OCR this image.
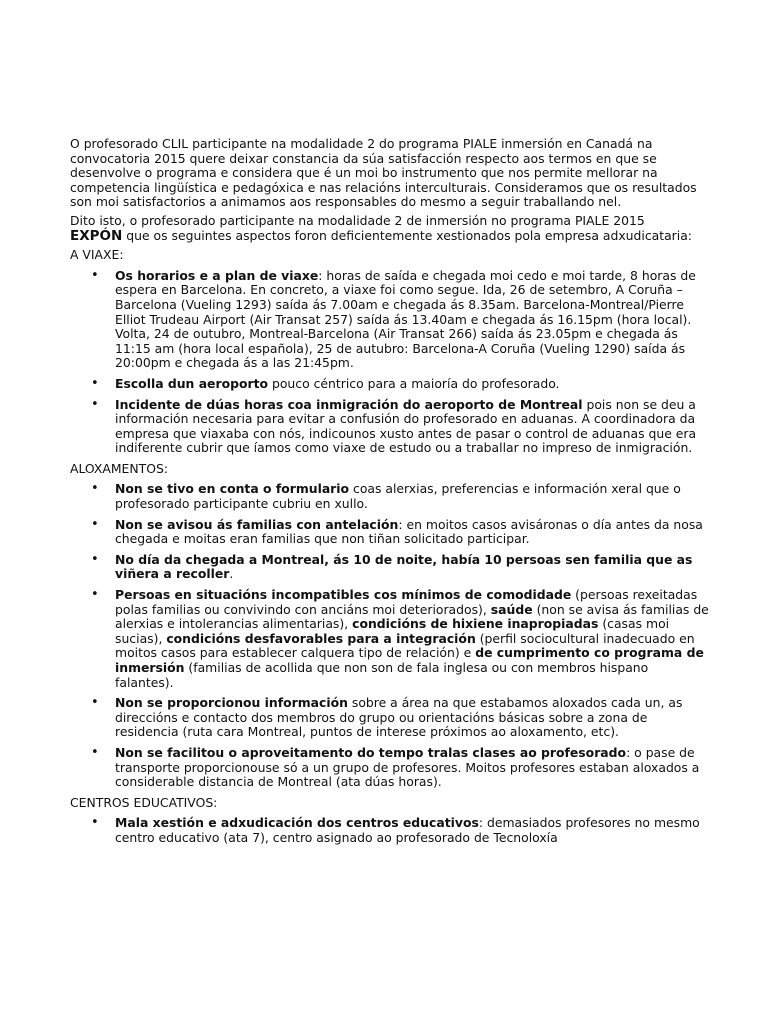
O profesorado CLIL participante na modalidade 2 do programa PIALE inmersión en Canadá na convocatoria 2015 quere deixar constancia da súa satisfacción respecto aos termos en que se desenvolve o programa e considera que é un moi bo instrumento que nos permite mellorar na competencia lingüística e pedagóxica e nas relacións interculturais. Consideramos que os resultados son moi satisfactorios a animamos aos responsables do mesmo a seguir traballando nel.

Dito isto, o profesorado participante na modalidade 2 de inmersión no programa PIALE 2015
EXPÓN que os seguintes aspectos foron deficientemente xestionados pola empresa adxudicataria:

A VIAXE:

• Os horarios e a plan de viaxe: horas de saída e chegada moi cedo e moi tarde, 8 horas de espera en Barcelona. En concreto, a viaxe foi como segue. Ida, 26 de setembro, A Coruña –Barcelona (Vueling 1293) saída ás 7.00am e chegada ás 8.35am. Barcelona-Montreal/Pierre Elliot Trudeau Airport (Air Transat 257) saída ás 13.40am e chegada ás 16.15pm (hora local). Volta, 24 de outubro, Montreal-Barcelona (Air Transat 266) saída ás 23.05pm e chegada ás 11:15 am (hora local española), 25 de autubro: Barcelona-A Coruña (Vueling 1290) saída ás 20:00pm e chegada ás a las 21:45pm.
• Escolla dun aeroporto pouco céntrico para a maioría do profesorado.
• Incidente de dúas horas coa inmigración do aeroporto de Montreal pois non se deu a información necesaria para evitar a confusión do profesorado en aduanas. A coordinadora da empresa que viaxaba con nós, indicounos xusto antes de pasar o control de aduanas que era indiferente cubrir que íamos como viaxe de estudo ou a traballar no impreso de inmigración.

ALOXAMENTOS:

• Non se tivo en conta o formulario coas alerxias, preferencias e información xeral que o profesorado participante cubriu en xullo.
• Non se avisou ás familias con antelación: en moitos casos avisáronas o día antes da nosa chegada e moitas eran familias que non tiñan solicitado participar.
• No día da chegada a Montreal, ás 10 de noite, había 10 persoas sen familia que as viñera a recoller.
• Persoas en situacións incompatibles cos mínimos de comodidade (persoas rexeitadas polas familias ou convivindo con anciáns moi deteriorados), saúde (non se avisa ás familias de alerxias e intolerancias alimentarias), condicións de hixiene inapropiadas (casas moi sucias), condicións desfavorables para a integración (perfil sociocultural inadecuado en moitos casos para establecer calquera tipo de relación) e de cumprimento co programa de inmersión (familias de acollida que non son de fala inglesa ou con membros hispano falantes).
• Non se proporcionou información sobre a área na que estabamos aloxados cada un, as direccións e contacto dos membros do grupo ou orientacións básicas sobre a zona de residencia (ruta cara Montreal, puntos de interese próximos ao aloxamento, etc).
• Non se facilitou o aproveitamento do tempo tralas clases ao profesorado: o pase de transporte proporcionouse só a un grupo de profesores. Moitos profesores estaban aloxados a considerable distancia de Montreal (ata dúas horas).

CENTROS EDUCATIVOS:

• Mala xestión e adxudicación dos centros educativos: demasiados profesores no mesmo centro educativo (ata 7), centro asignado ao profesorado de Tecnoloxía
